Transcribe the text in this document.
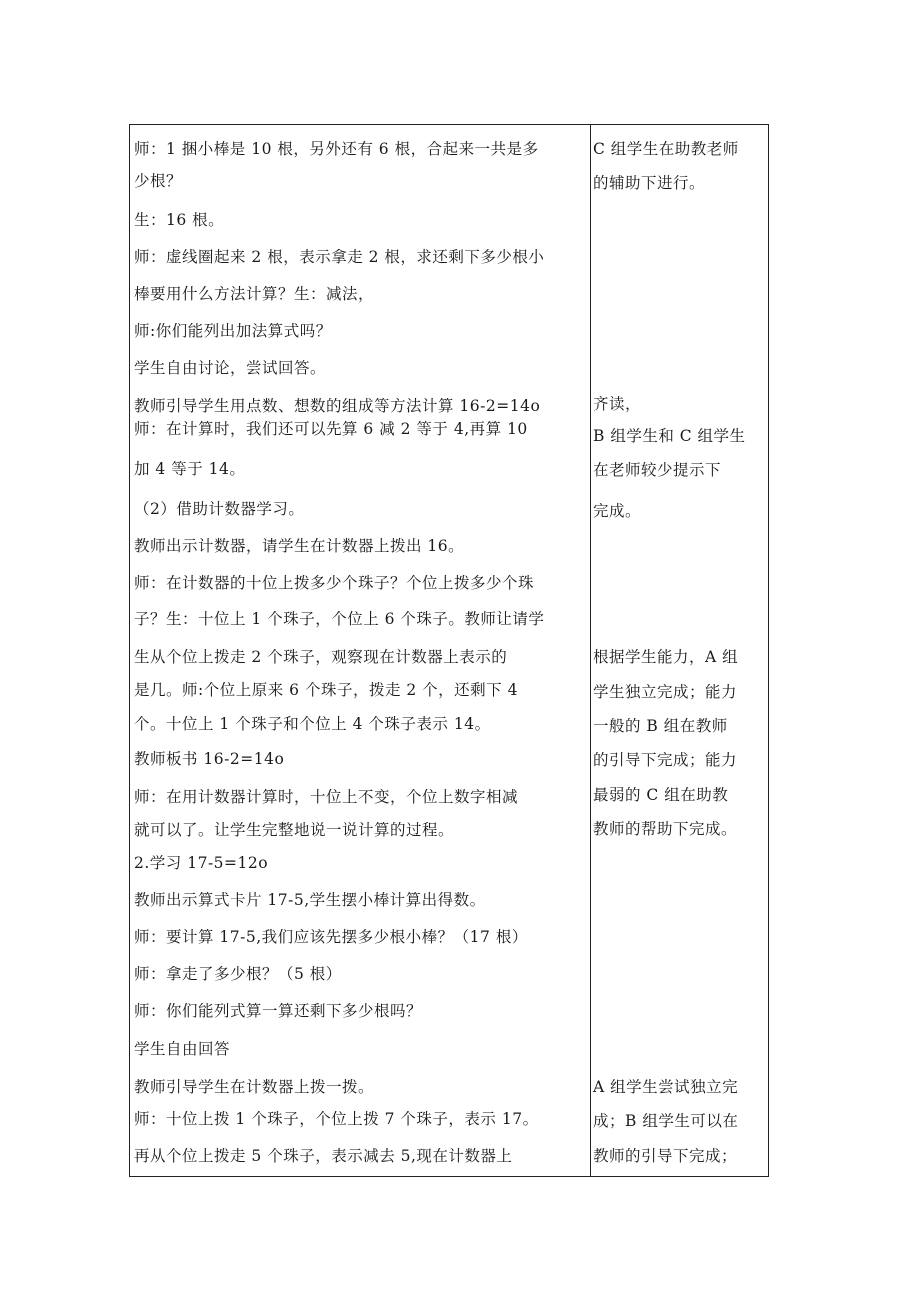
师：1 捆小棒是 10 根，另外还有 6 根，合起来一共是多
少根？
生：16 根。
师：虚线圈起来 2 根，表示拿走 2 根，求还剩下多少根小
棒要用什么方法计算？生：减法，
师:你们能列出加法算式吗？
学生自由讨论，尝试回答。
教师引导学生用点数、想数的组成等方法计算 16-2=14o
师：在计算时，我们还可以先算 6 减 2 等于 4,再算 10
加 4 等于 14。
（2）借助计数器学习。
教师出示计数器，请学生在计数器上拨出 16。
师：在计数器的十位上拨多少个珠子？个位上拨多少个珠
子？生：十位上 1 个珠子，个位上 6 个珠子。教师让请学
生从个位上拨走 2 个珠子，观察现在计数器上表示的
是几。师:个位上原来 6 个珠子，拨走 2 个，还剩下 4
个。十位上 1 个珠子和个位上 4 个珠子表示 14。
教师板书 16-2=14o
师：在用计数器计算时，十位上不变，个位上数字相减
就可以了。让学生完整地说一说计算的过程。
2.学习 17-5=12o
教师出示算式卡片 17-5,学生摆小棒计算出得数。
师：要计算 17-5,我们应该先摆多少根小棒？（17 根）
师：拿走了多少根？（5 根）
师：你们能列式算一算还剩下多少根吗？
学生自由回答
教师引导学生在计数器上拨一拨。
师：十位上拨 1 个珠子，个位上拨 7 个珠子，表示 17。
再从个位上拨走 5 个珠子，表示减去 5,现在计数器上
C 组学生在助教老师
的辅助下进行。
齐读，
B 组学生和 C 组学生
在老师较少提示下
完成。
根据学生能力，A 组
学生独立完成；能力
一般的 B 组在教师
的引导下完成；能力
最弱的 C 组在助教
教师的帮助下完成。
A 组学生尝试独立完
成；B 组学生可以在
教师的引导下完成；
